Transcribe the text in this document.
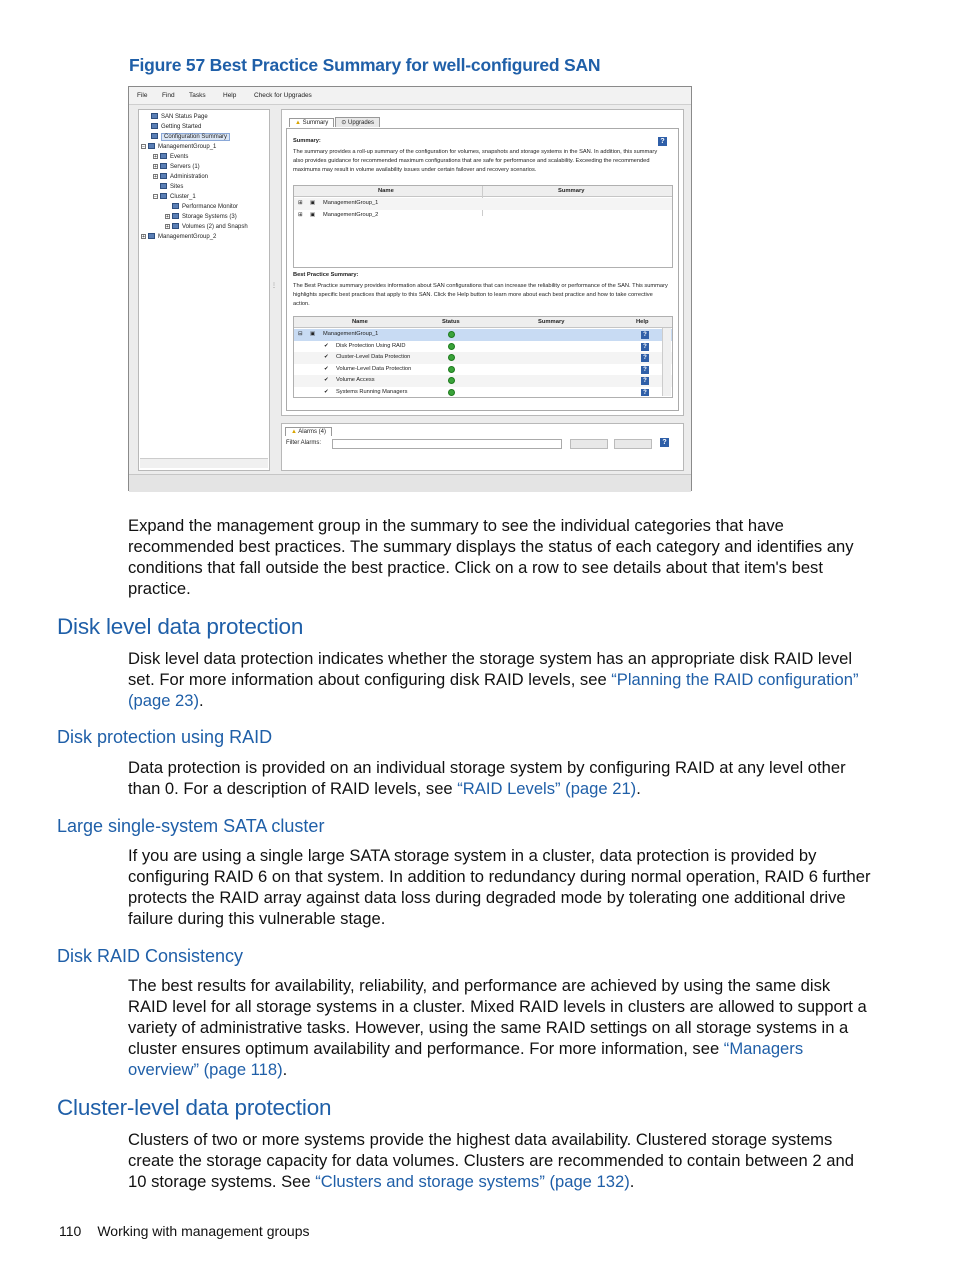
Figure 57 Best Practice Summary for well-configured SAN
File Find Tasks	Help	Check for Upgrades
SAN Status Page
Getting Started
Configuration Summary
− ManagementGroup_1
+ Events
+ Servers (1)
+ Administration
Sites
− Cluster_1
Performance Monitor
+ Storage Systems (3)
+ Volumes (2) and Snapsh
+ ManagementGroup_2
⋮
▲ Summary ⊙ Upgrades
Summary:	?
The summary provides a roll-up summary of the configuration for volumes, snapshots and storage systems in the SAN. In addition, this summary also provides guidance for recommended maximum configurations that are safe for performance and scalability. Exceeding the recommended maximums may result in volume availability issues under certain failover and recovery scenarios.
Name	Summary
⊞ ▣ ManagementGroup_1
⊞ ▣ ManagementGroup_2
Best Practice Summary:
The Best Practice summary provides information about SAN configurations that can increase the reliability or performance of the SAN. This summary highlights specific best practices that apply to this SAN. Click the Help button to learn more about each best practice and how to take corrective action.
Name	Status	Summary	Help
⊟ ▣ ManagementGroup_1	?
✔ Disk Protection Using RAID	?
✔ Cluster-Level Data Protection	?
✔ Volume-Level Data Protection	?
✔ Volume Access	?
✔ Systems Running Managers	?
▲ Alarms (4)
Filter Alarms:	?
Expand the management group in the summary to see the individual categories that have recommended best practices. The summary displays the status of each category and identifies any conditions that fall outside the best practice. Click on a row to see details about that item's best practice.
Disk level data protection
Disk level data protection indicates whether the storage system has an appropriate disk RAID level set. For more information about configuring disk RAID levels, see “Planning the RAID configuration” (page 23).
Disk protection using RAID
Data protection is provided on an individual storage system by configuring RAID at any level other than 0. For a description of RAID levels, see “RAID Levels” (page 21).
Large single-system SATA cluster
If you are using a single large SATA storage system in a cluster, data protection is provided by configuring RAID 6 on that system. In addition to redundancy during normal operation, RAID 6 further protects the RAID array against data loss during degraded mode by tolerating one additional drive failure during this vulnerable stage.
Disk RAID Consistency
The best results for availability, reliability, and performance are achieved by using the same disk RAID level for all storage systems in a cluster. Mixed RAID levels in clusters are allowed to support a variety of administrative tasks. However, using the same RAID settings on all storage systems in a cluster ensures optimum availability and performance. For more information, see “Managers overview” (page 118).
Cluster-level data protection
Clusters of two or more systems provide the highest data availability. Clustered storage systems create the storage capacity for data volumes. Clusters are recommended to contain between 2 and 10 storage systems. See “Clusters and storage systems” (page 132).
110 Working with management groups
